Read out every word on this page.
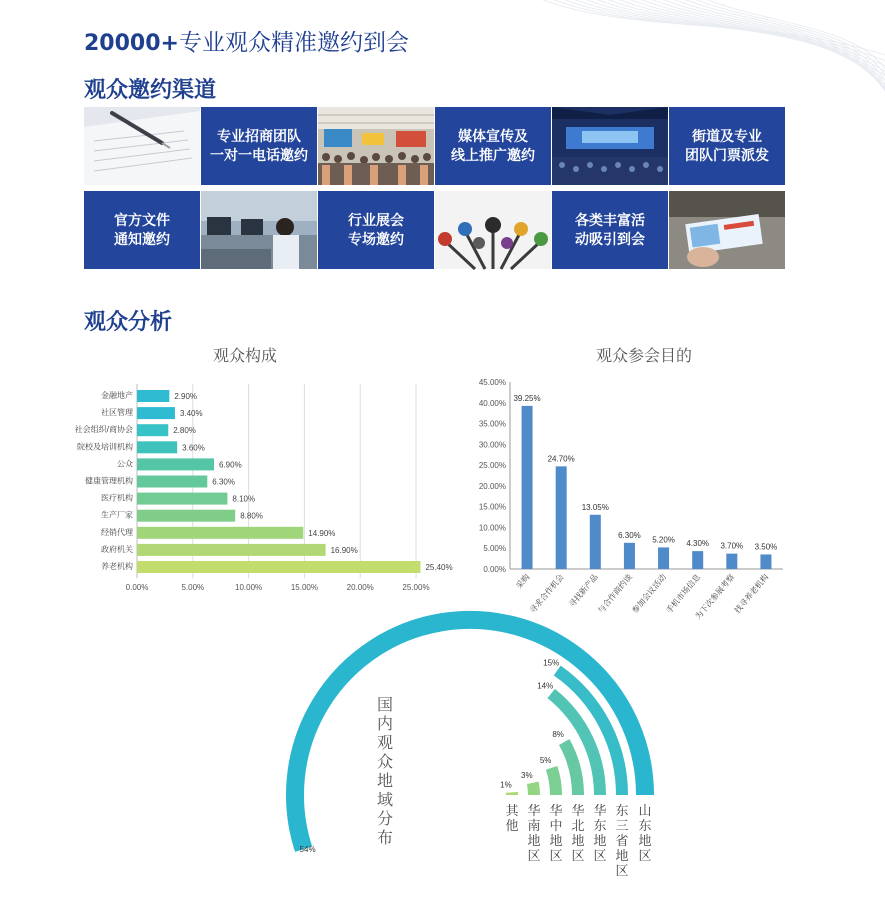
20000+专业观众精准邀约到会
观众邀约渠道
专业招商团队
一对一电话邀约
媒体宣传及
线上推广邀约
街道及专业
团队门票派发
官方文件
通知邀约
行业展会
专场邀约
各类丰富活
动吸引到会
观众分析
观众构成
0.00%	5.00%	10.00%	15.00%	20.00%	25.00%
金融地产	2.90%
社区管理	3.40%
社会组织/商协会	2.80%
院校及培训机构	3.60%
公众	6.90%
健康管理机构	6.30%
医疗机构	8.10%
生产厂家	8.80%
经销代理	14.90%
政府机关	16.90%
养老机构	25.40%
观众参会目的
0.00%
5.00%
10.00%
15.00%
20.00%
25.00%
30.00%
35.00%
40.00%
45.00%
39.25%
采购
24.70%
寻求合作机会
13.05%
寻找新产品
6.30%
与合作商约谈
5.20%
参加会议活动
4.30%
手机市场信息
3.70%
为下次参展考察
3.50%
找寻养老机构
54%
山
东
地
区
15%
东
三
省
地
区
14%
华
东
地
区
8%
华
北
地
区
5%
华
中
地
区
3%
华
南
地
区
1%
其
他
国
内
观
众
地
域
分
布
